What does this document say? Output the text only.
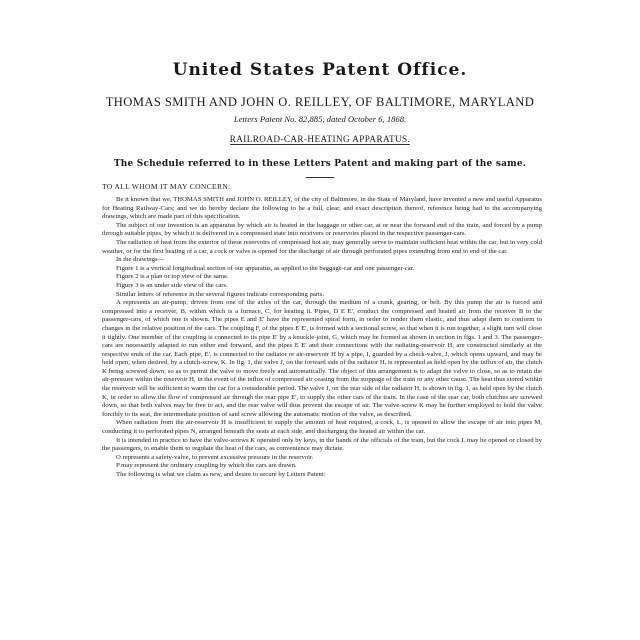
United States Patent Office.
THOMAS SMITH AND JOHN O. REILLEY, OF BALTIMORE, MARYLAND
Letters Patent No. 82,885, dated October 6, 1868.
RAILROAD-CAR-HEATING APPARATUS.
The Schedule referred to in these Letters Patent and making part of the same.
TO ALL WHOM IT MAY CONCERN:

Be it known that we, THOMAS SMITH and JOHN O. REILLEY, of the city of Baltimore, in the State of Maryland, have invented a new and useful Apparatus for Heating Railway-Cars; and we do hereby declare the following to be a full, clear, and exact description thereof, reference being had to the accompanying drawings, which are made part of this specification.

The subject of our invention is an apparatus by which air is heated in the baggage or other car, at or near the forward end of the train, and forced by a pump through suitable pipes, by which it is delivered in a compressed state into receivers or reservoirs placed in the respective passenger-cars.

The radiation of heat from the exterior of these reservoirs of compressed hot air, may generally serve to maintain sufficient heat within the car, but in very cold weather, or for the first heating of a car, a cock or valve is opened for the discharge of air through perforated pipes extending from end to end of the car.

In the drawings—

Figure 1 is a vertical longitudinal section of our apparatus, as applied to the baggage-car and one passenger-car.

Figure 2 is a plan or top view of the same.

Figure 3 is an under side view of the cars.

Similar letters of reference in the several figures indicate corresponding parts.

A represents an air-pump, driven from one of the axles of the car, through the medium of a crank, gearing, or belt. By this pump the air is forced and compressed into a receiver, B, within which is a furnace, C, for heating it. Pipes, D E E', conduct the compressed and heated air from the receiver B to the passenger-cars, of which one is shown. The pipes E and E' have the represented spiral form, in order to render them elastic, and thus adapt them to conform to changes in the relative position of the cars. The coupling F, of the pipes E E', is formed with a sectional screw, so that when it is run together, a slight turn will close it tightly. One member of the coupling is connected to its pipe E' by a knuckle-joint, G, which may be formed as shown in section in figs. 1 and 3. The passenger-cars are necessarily adapted to run either end forward, and the pipes E E' and their connections with the radiating-reservoir H, are constructed similarly at the respective ends of the car. Each pipe, E', is connected to the radiator or air-reservoir H by a pipe, I, guarded by a check-valve, J, which opens upward, and may be held open, when desired, by a clutch-screw, K. In fig. 1, the valve J, on the forward side of the radiator H, is represented as held open by the influx of air, the clutch K being screwed down, so as to permit the valve to move freely and automatically. The object of this arrangement is to adapt the valve to close, so as to retain the air-pressure within the reservoir H, in the event of the influx of compressed air ceasing from the stoppage of the train or any other cause. The heat thus stored within the reservoir will be sufficient to warm the car for a considerable period. The valve J, on the rear side of the radiator H, is shown in fig. 1, as held open by the clutch K, in order to allow the flow of compressed air through the rear pipe E', to supply the other cars of the train. In the case of the rear car, both clutches are screwed down, so that both valves may be free to act, and the rear valve will thus prevent the escape of air. The valve-screw K may be further employed to hold the valve forcibly to its seat, the intermediate position of said screw allowing the automatic motion of the valve, as described.

When radiation from the air-reservoir H is insufficient to supply the amount of heat required, a cock, L, is opened to allow the escape of air into pipes M, conducting it to perforated pipes N, arranged beneath the seats at each side, and discharging the heated air within the car.

It is intended in practice to have the valve-screws K operated only by keys, in the hands of the officials of the train, but the cock L may be opened or closed by the passengers, to enable them to regulate the heat of the cars, as convenience may dictate.

O represents a safety-valve, to prevent excessive pressure in the reservoir.

P may represent the ordinary coupling by which the cars are drawn.

The following is what we claim as new, and desire to secure by Letters Patent:
